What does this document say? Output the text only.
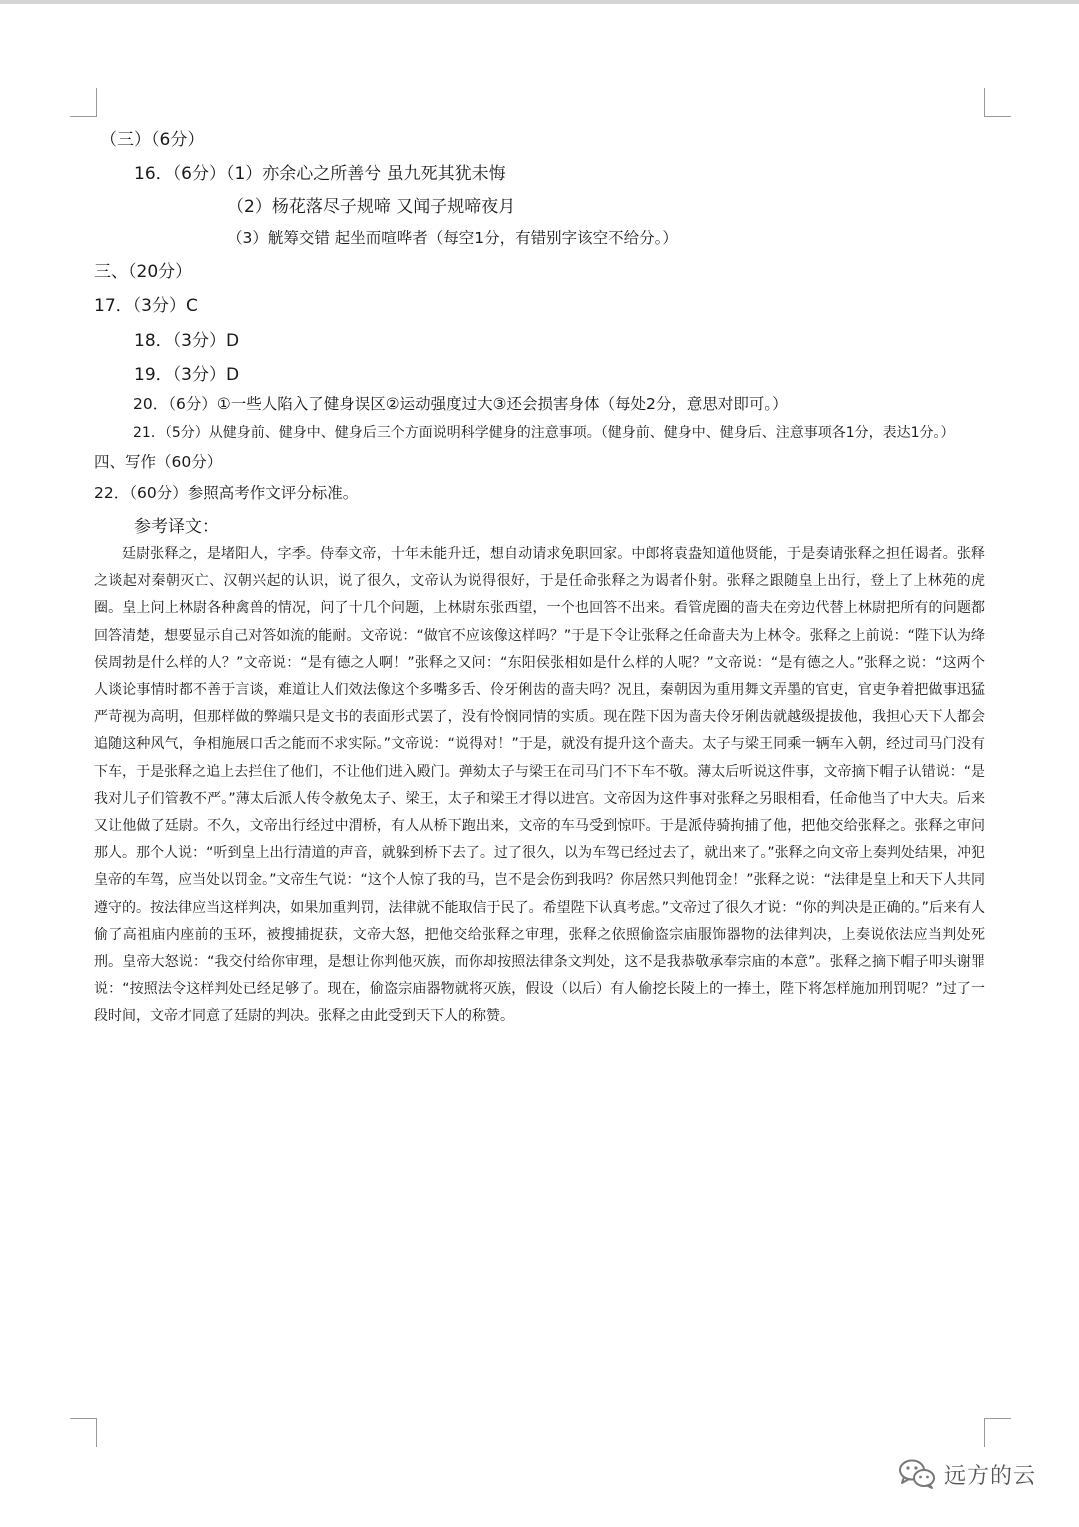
（三）（6分）
16．（6分）（1）亦余心之所善兮 虽九死其犹未悔
（2）杨花落尽子规啼 又闻子规啼夜月
（3）觥筹交错 起坐而喧哗者（每空1分，有错别字该空不给分。）
三、（20分）
17．（3分）C
18．（3分）D
19．（3分）D
20．（6分）①一些人陷入了健身误区②运动强度过大③还会损害身体（每处2分，意思对即可。）
21．（5分）从健身前、健身中、健身后三个方面说明科学健身的注意事项。（健身前、健身中、健身后、注意事项各1分，表达1分。）
四、写作（60分）
22．（60分）参照高考作文评分标准。
参考译文：

廷尉张释之，是堵阳人，字季。侍奉文帝，十年未能升迁，想自动请求免职回家。中郎将袁盎知道他贤能，于是奏请张释之担任谒者。张释之谈起对秦朝灭亡、汉朝兴起的认识，说了很久，文帝认为说得很好，于是任命张释之为谒者仆射。张释之跟随皇上出行，登上了上林苑的虎圈。皇上问上林尉各种禽兽的情况，问了十几个问题，上林尉东张西望，一个也回答不出来。看管虎圈的啬夫在旁边代替上林尉把所有的问题都回答清楚，想要显示自己对答如流的能耐。文帝说：“做官不应该像这样吗？”于是下令让张释之任命啬夫为上林令。张释之上前说：“陛下认为绛侯周勃是什么样的人？”文帝说：“是有德之人啊！”张释之又问：“东阳侯张相如是什么样的人呢？”文帝说：“是有德之人。”张释之说：“这两个人谈论事情时都不善于言谈，难道让人们效法像这个多嘴多舌、伶牙俐齿的啬夫吗？况且，秦朝因为重用舞文弄墨的官吏，官吏争着把做事迅猛严苛视为高明，但那样做的弊端只是文书的表面形式罢了，没有怜悯同情的实质。现在陛下因为啬夫伶牙俐齿就越级提拔他，我担心天下人都会追随这种风气，争相施展口舌之能而不求实际。”文帝说：“说得对！”于是，就没有提升这个啬夫。太子与梁王同乘一辆车入朝，经过司马门没有下车，于是张释之追上去拦住了他们，不让他们进入殿门。弹劾太子与梁王在司马门不下车不敬。薄太后听说这件事，文帝摘下帽子认错说：“是我对儿子们管教不严。”薄太后派人传令赦免太子、梁王，太子和梁王才得以进宫。文帝因为这件事对张释之另眼相看，任命他当了中大夫。后来又让他做了廷尉。不久，文帝出行经过中渭桥，有人从桥下跑出来，文帝的车马受到惊吓。于是派侍骑拘捕了他，把他交给张释之。张释之审问那人。那个人说：“听到皇上出行清道的声音，就躲到桥下去了。过了很久，以为车驾已经过去了，就出来了。”张释之向文帝上奏判处结果，冲犯皇帝的车驾，应当处以罚金。”文帝生气说：“这个人惊了我的马，岂不是会伤到我吗？你居然只判他罚金！”张释之说：“法律是皇上和天下人共同遵守的。按法律应当这样判决，如果加重判罚，法律就不能取信于民了。希望陛下认真考虑。”文帝过了很久才说：“你的判决是正确的。”后来有人偷了高祖庙内座前的玉环，被搜捕捉获，文帝大怒，把他交给张释之审理，张释之依照偷盗宗庙服饰器物的法律判决，上奏说依法应当判处死刑。皇帝大怒说：“我交付给你审理，是想让你判他灭族，而你却按照法律条文判处，这不是我恭敬承奉宗庙的本意”。张释之摘下帽子叩头谢罪说：“按照法令这样判处已经足够了。现在，偷盗宗庙器物就将灭族，假设（以后）有人偷挖长陵上的一捧土，陛下将怎样施加刑罚呢？”过了一段时间，文帝才同意了廷尉的判决。张释之由此受到天下人的称赞。

远方的云
